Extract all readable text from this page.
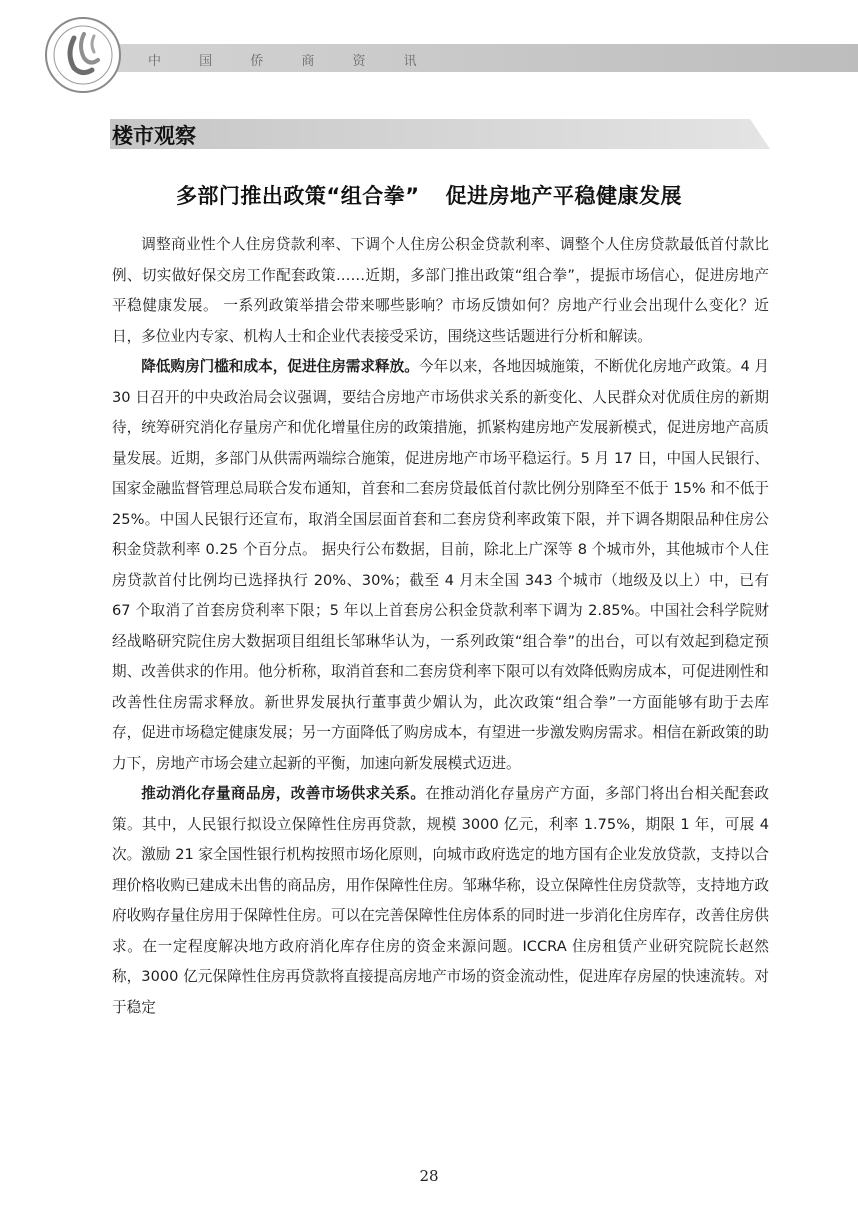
中 国 侨 商 资 讯
楼市观察
多部门推出政策“组合拳” 促进房地产平稳健康发展

调整商业性个人住房贷款利率、下调个人住房公积金贷款利率、调整个人住房贷款最低首付款比例、切实做好保交房工作配套政策……近期，多部门推出政策“组合拳”，提振市场信心，促进房地产平稳健康发展。 一系列政策举措会带来哪些影响？市场反馈如何？房地产行业会出现什么变化？近日，多位业内专家、机构人士和企业代表接受采访，围绕这些话题进行分析和解读。

降低购房门槛和成本，促进住房需求释放。今年以来，各地因城施策，不断优化房地产政策。4 月 30 日召开的中央政治局会议强调，要结合房地产市场供求关系的新变化、人民群众对优质住房的新期待，统筹研究消化存量房产和优化增量住房的政策措施，抓紧构建房地产发展新模式，促进房地产高质量发展。近期，多部门从供需两端综合施策，促进房地产市场平稳运行。5 月 17 日，中国人民银行、国家金融监督管理总局联合发布通知，首套和二套房贷最低首付款比例分别降至不低于 15% 和不低于 25%。中国人民银行还宣布，取消全国层面首套和二套房贷利率政策下限，并下调各期限品种住房公积金贷款利率 0.25 个百分点。 据央行公布数据，目前，除北上广深等 8 个城市外，其他城市个人住房贷款首付比例均已选择执行 20%、30%；截至 4 月末全国 343 个城市（地级及以上）中，已有 67 个取消了首套房贷利率下限；5 年以上首套房公积金贷款利率下调为 2.85%。中国社会科学院财经战略研究院住房大数据项目组组长邹琳华认为，一系列政策“组合拳”的出台，可以有效起到稳定预期、改善供求的作用。他分析称，取消首套和二套房贷利率下限可以有效降低购房成本，可促进刚性和改善性住房需求释放。新世界发展执行董事黄少媚认为，此次政策“组合拳”一方面能够有助于去库存，促进市场稳定健康发展；另一方面降低了购房成本，有望进一步激发购房需求。相信在新政策的助力下，房地产市场会建立起新的平衡，加速向新发展模式迈进。

推动消化存量商品房，改善市场供求关系。在推动消化存量房产方面，多部门将出台相关配套政策。其中，人民银行拟设立保障性住房再贷款，规模 3000 亿元，利率 1.75%，期限 1 年，可展 4 次。激励 21 家全国性银行机构按照市场化原则，向城市政府选定的地方国有企业发放贷款，支持以合理价格收购已建成未出售的商品房，用作保障性住房。邹琳华称，设立保障性住房贷款等，支持地方政府收购存量住房用于保障性住房。可以在完善保障性住房体系的同时进一步消化住房库存，改善住房供求。在一定程度解决地方政府消化库存住房的资金来源问题。ICCRA 住房租赁产业研究院院长赵然称，3000 亿元保障性住房再贷款将直接提高房地产市场的资金流动性，促进库存房屋的快速流转。对于稳定

28
